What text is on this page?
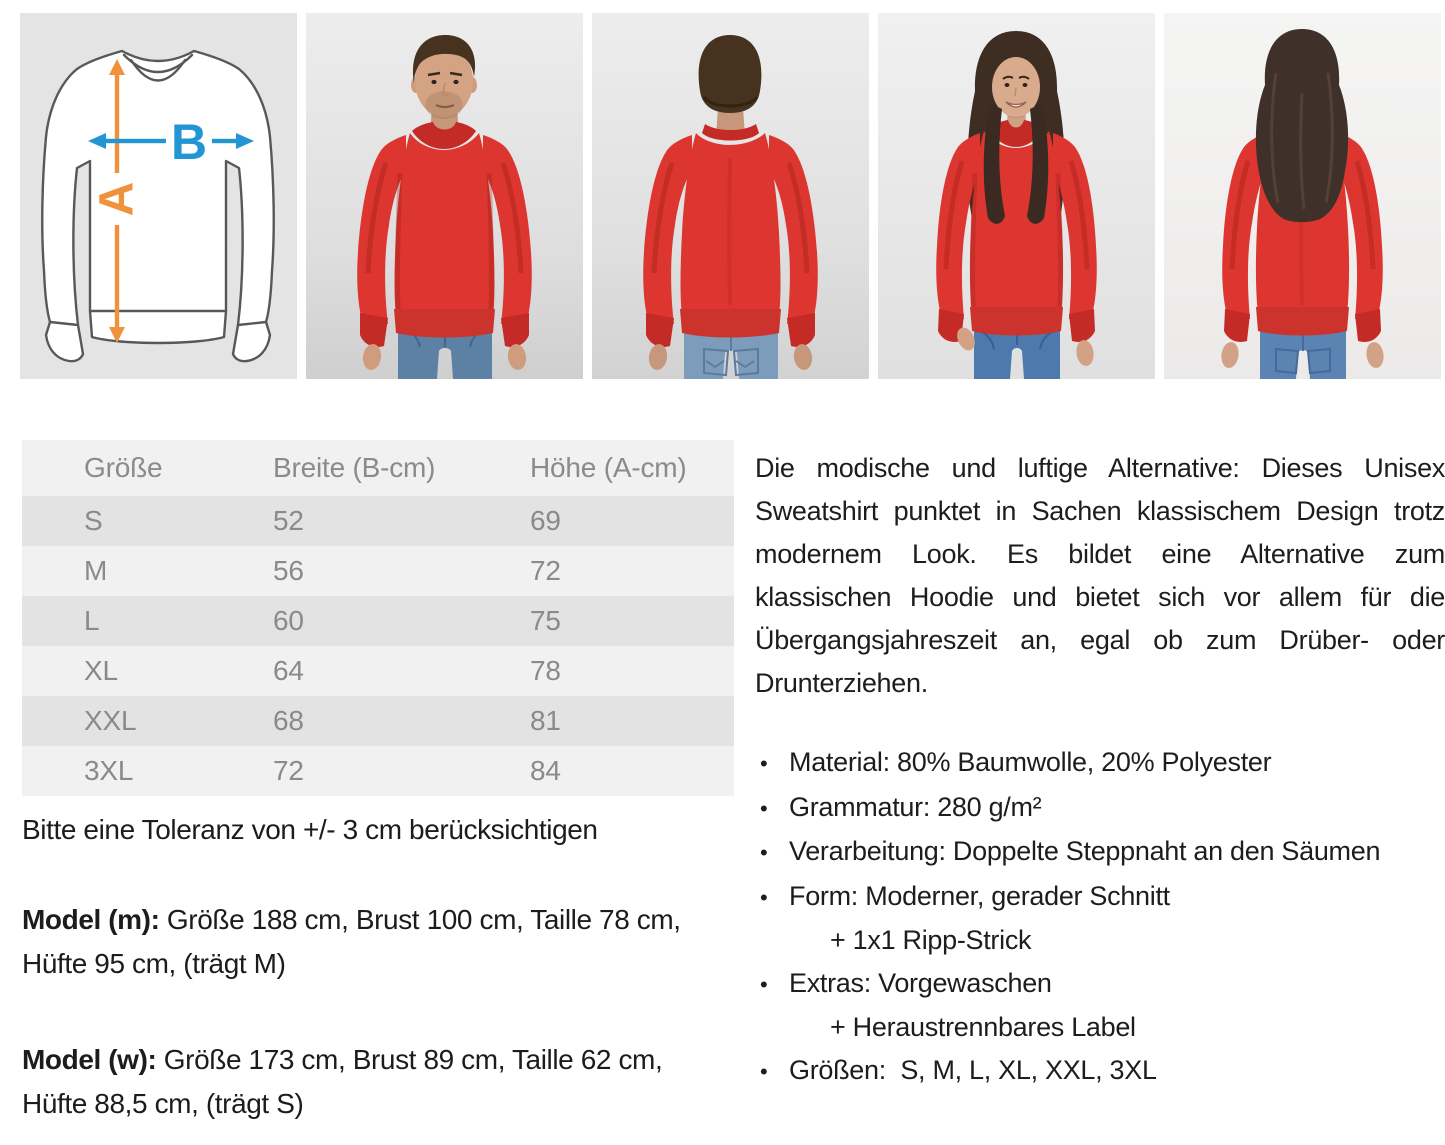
A
B
Größe	Breite (B-cm)	Höhe (A-cm)
S	52	69
M	56	72
L	60	75
XL	64	78
XXL	68	81
3XL	72	84

Bitte eine Toleranz von +/- 3 cm berücksichtigen

Model (m): Größe 188 cm, Brust 100 cm, Taille 78 cm, Hüfte 95 cm, (trägt M)

Model (w): Größe 173 cm, Brust 89 cm, Taille 62 cm, Hüfte 88,5 cm, (trägt S)

Die modische und luftige Alternative: Dieses Unisex Sweatshirt punktet in Sachen klassischem Design trotz modernem Look. Es bildet eine Alternative zum klassischen Hoodie und bietet sich vor allem für die Übergangsjahreszeit an, egal ob zum Drüber- oder Drunterziehen.

• Material: 80% Baumwolle, 20% Polyester
• Grammatur: 280 g/m²
• Verarbeitung: Doppelte Steppnaht an den Säumen
• Form: Moderner, gerader Schnitt
+ 1x1 Ripp-Strick
• Extras: Vorgewaschen
+ Heraustrennbares Label
• Größen:  S, M, L, XL, XXL, 3XL
